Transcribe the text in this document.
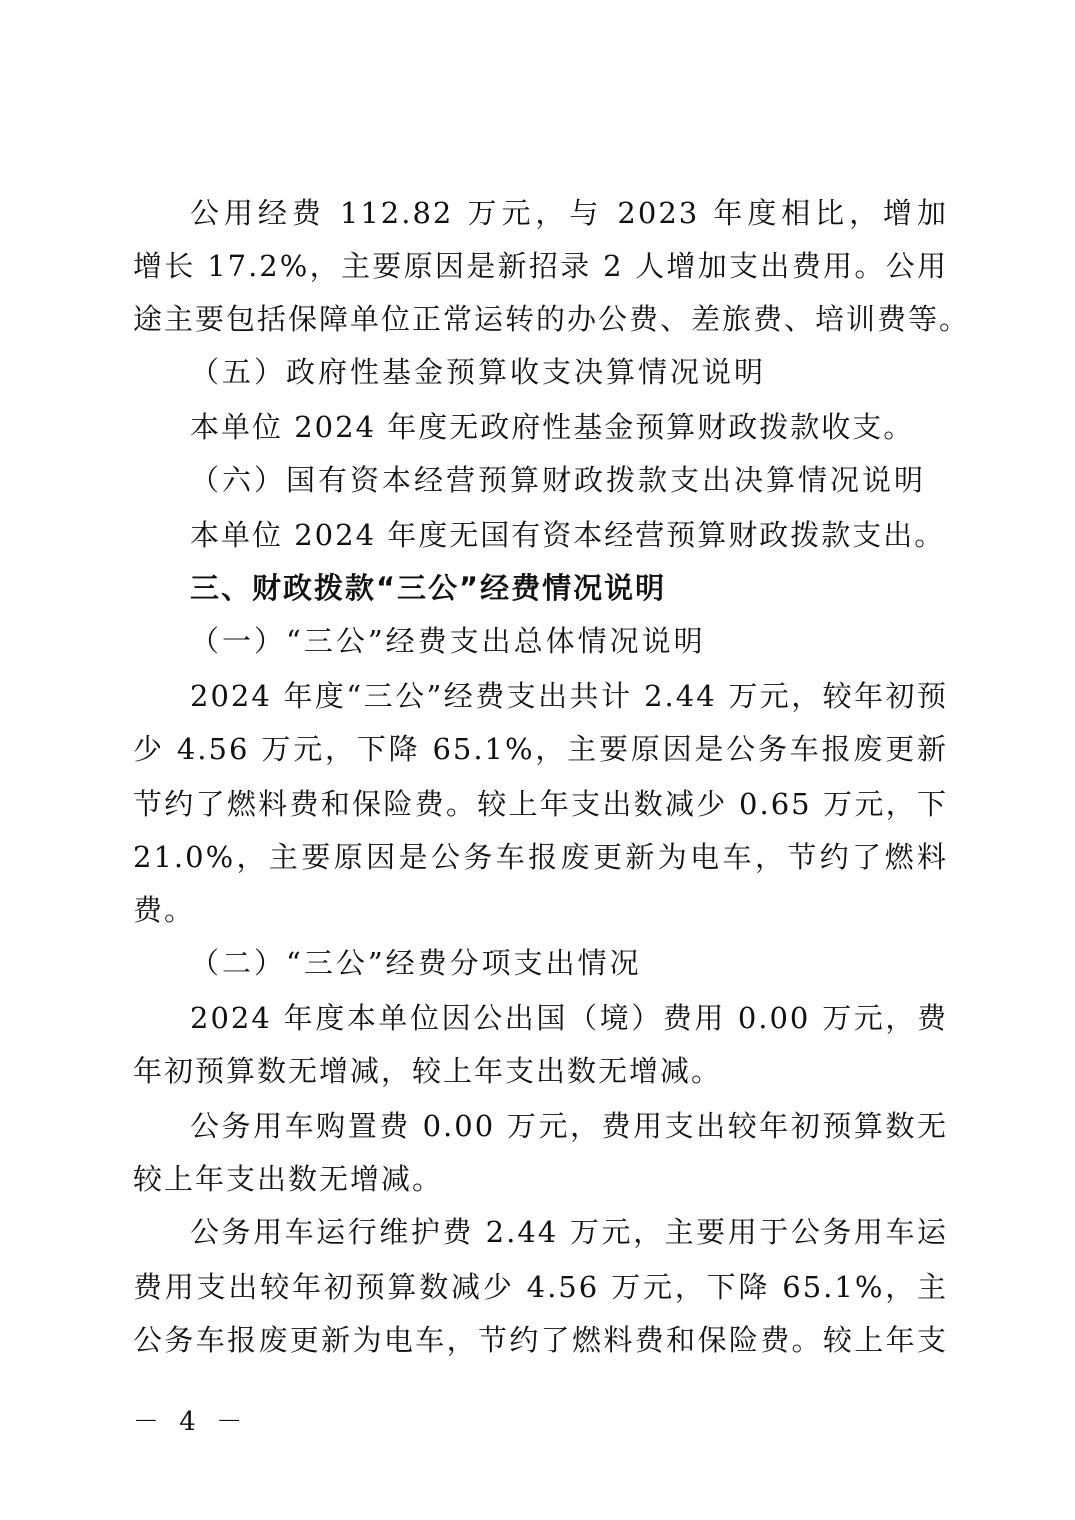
公用经费 112.82 万元，与 2023 年度相比，增加
增长 17.2%，主要原因是新招录 2 人增加支出费用。公用
途主要包括保障单位正常运转的办公费、差旅费、培训费等。
（五）政府性基金预算收支决算情况说明
本单位 2024 年度无政府性基金预算财政拨款收支。
（六）国有资本经营预算财政拨款支出决算情况说明
本单位 2024 年度无国有资本经营预算财政拨款支出。
三、财政拨款“三公”经费情况说明
（一）“三公”经费支出总体情况说明
2024 年度“三公”经费支出共计 2.44 万元，较年初预
少 4.56 万元，下降 65.1%，主要原因是公务车报废更新
节约了燃料费和保险费。较上年支出数减少 0.65 万元，下
21.0%，主要原因是公务车报废更新为电车，节约了燃料
费。
（二）“三公”经费分项支出情况
2024 年度本单位因公出国（境）费用 0.00 万元，费
年初预算数无增减，较上年支出数无增减。
公务用车购置费 0.00 万元，费用支出较年初预算数无
较上年支出数无增减。
公务用车运行维护费 2.44 万元，主要用于公务用车运
费用支出较年初预算数减少 4.56 万元，下降 65.1%，主
公务车报废更新为电车，节约了燃料费和保险费。较上年支
－ 4 －
